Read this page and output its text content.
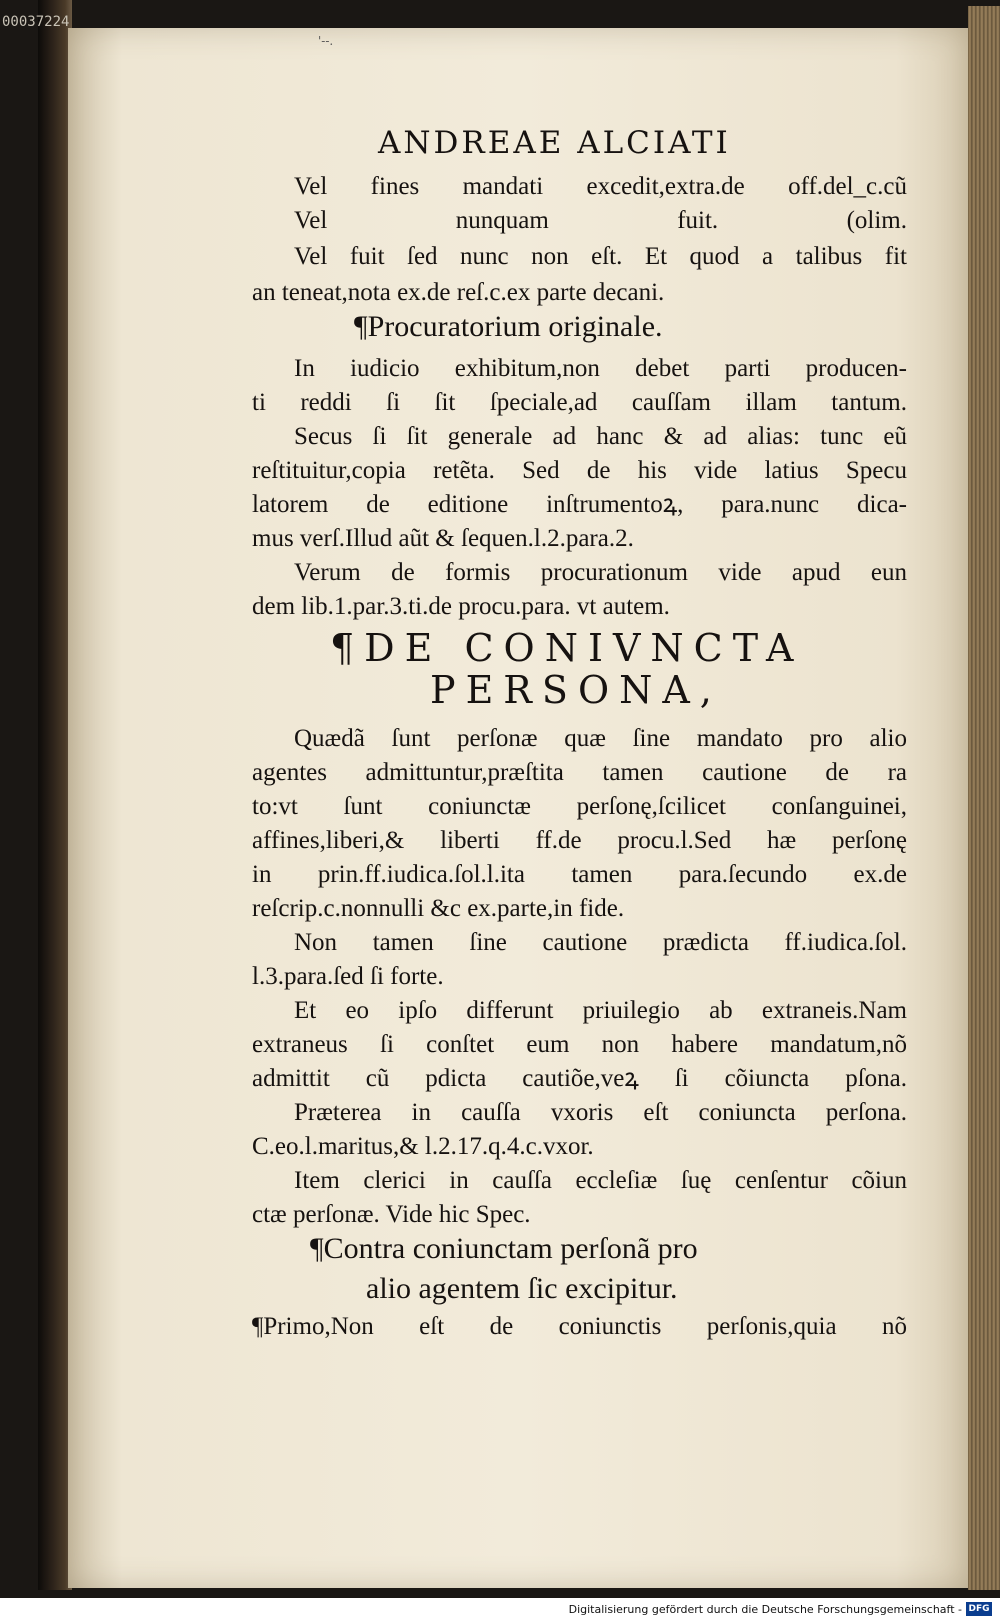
00037224
'--.
ANDREAE ALCIATI
Vel fines mandati excedit,extra.de off.del_c.cũ
Vel nunquam fuit. (olim.
Vel fuit ſed nunc non eſt. Et quod a talibus fit
an teneat,nota ex.de reſ.c.ex parte decani.
¶Procuratorium originale.
In iudicio exhibitum,non debet parti producen-
ti reddi ſi ſit ſpeciale,ad cauſſam illam tantum.
Secus ſi ſit generale ad hanc & ad alias: tunc eũ
reſtituitur,copia retẽta. Sed de his vide latius Specu
latorem de editione inſtrumentoꝝ, para.nunc dica-
mus verſ.Illud aũt & ſequen.l.2.para.2.
Verum de formis procurationum vide apud eun
dem lib.1.par.3.ti.de procu.para. vt autem.
¶DE CONIVNCTA
PERSONA,
Quædã ſunt perſonæ quæ ſine mandato pro alio
agentes admittuntur,præſtita tamen cautione de ra
to:vt ſunt coniunctæ perſonę,ſcilicet conſanguinei,
affines,liberi,& liberti ff.de procu.l.Sed hæ perſonę
in prin.ff.iudica.ſol.l.ita tamen para.ſecundo ex.de
reſcrip.c.nonnulli &c ex.parte,in fide.
Non tamen ſine cautione prædicta ff.iudica.ſol.
l.3.para.ſed ſi forte.
Et eo ipſo differunt priuilegio ab extraneis.Nam
extraneus ſi conſtet eum non habere mandatum,nõ
admittit cũ pdicta cautiõe,veꝝ ſi cõiuncta pſona.
Præterea in cauſſa vxoris eſt coniuncta perſona.
C.eo.l.maritus,& l.2.17.q.4.c.vxor.
Item clerici in cauſſa eccleſiæ ſuę cenſentur cõiun
ctæ perſonæ. Vide hic Spec.
¶Contra coniunctam perſonã pro
alio agentem ſic excipitur.
¶Primo,Non eſt de coniunctis perſonis,quia nõ
Digitalisierung gefördert durch die Deutsche Forschungsgemeinschaft - DFG
